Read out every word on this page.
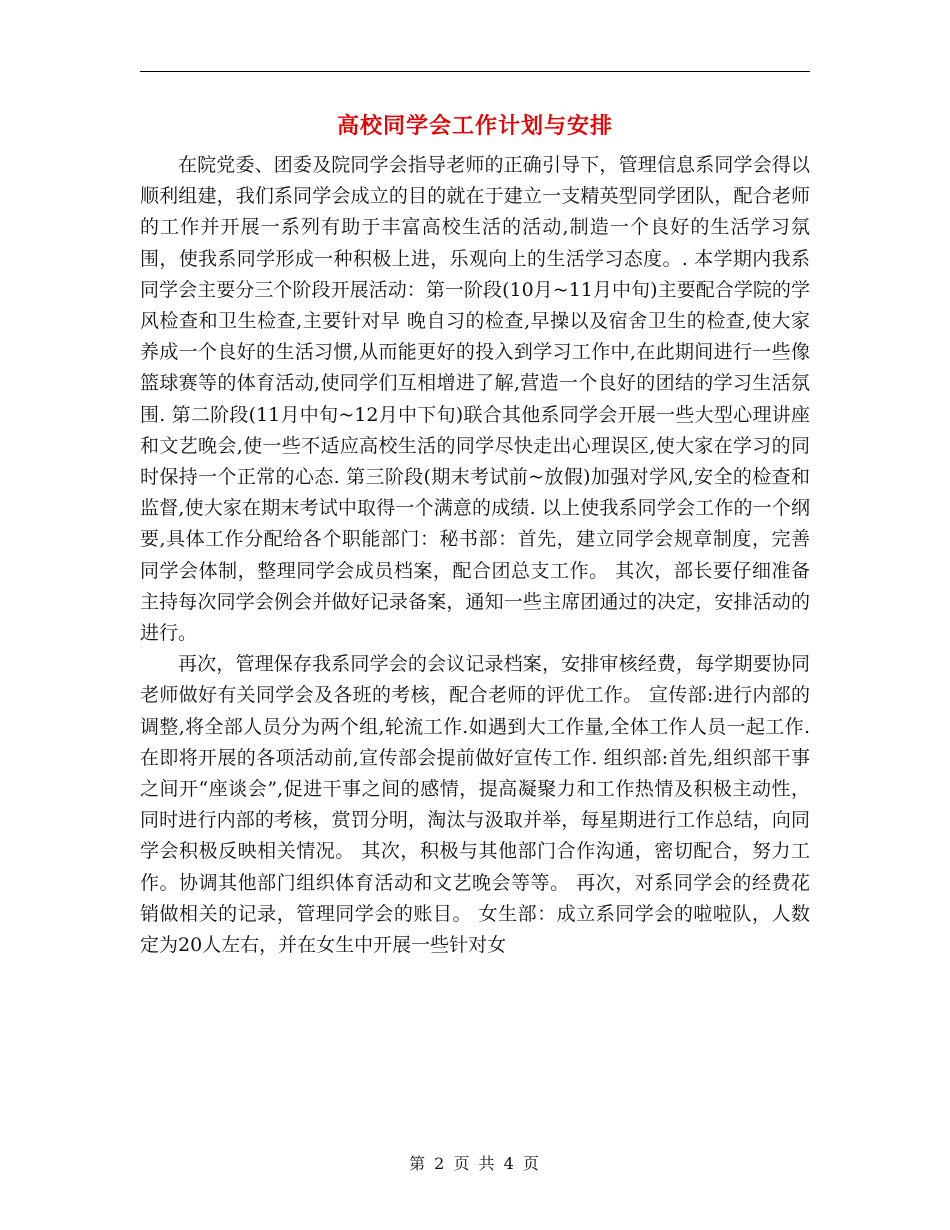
高校同学会工作计划与安排

在院党委、团委及院同学会指导老师的正确引导下，管理信息系同学会得以顺利组建，我们系同学会成立的目的就在于建立一支精英型同学团队，配合老师的工作并开展一系列有助于丰富高校生活的活动,制造一个良好的生活学习氛围，使我系同学形成一种积极上进，乐观向上的生活学习态度。. 本学期内我系同学会主要分三个阶段开展活动：第一阶段(10月~11月中旬)主要配合学院的学风检查和卫生检查,主要针对早 晚自习的检查,早操以及宿舍卫生的检查,使大家养成一个良好的生活习惯,从而能更好的投入到学习工作中,在此期间进行一些像篮球赛等的体育活动,使同学们互相增进了解,营造一个良好的团结的学习生活氛围. 第二阶段(11月中旬~12月中下旬)联合其他系同学会开展一些大型心理讲座和文艺晚会,使一些不适应高校生活的同学尽快走出心理误区,使大家在学习的同时保持一个正常的心态. 第三阶段(期末考试前~放假)加强对学风,安全的检查和监督,使大家在期末考试中取得一个满意的成绩. 以上使我系同学会工作的一个纲要,具体工作分配给各个职能部门：秘书部：首先，建立同学会规章制度，完善同学会体制，整理同学会成员档案，配合团总支工作。 其次，部长要仔细准备主持每次同学会例会并做好记录备案，通知一些主席团通过的决定，安排活动的进行。

再次，管理保存我系同学会的会议记录档案，安排审核经费，每学期要协同老师做好有关同学会及各班的考核，配合老师的评优工作。 宣传部:进行内部的调整,将全部人员分为两个组,轮流工作.如遇到大工作量,全体工作人员一起工作.在即将开展的各项活动前,宣传部会提前做好宣传工作. 组织部:首先,组织部干事之间开“座谈会”,促进干事之间的感情，提高凝聚力和工作热情及积极主动性，同时进行内部的考核，赏罚分明，淘汰与汲取并举，每星期进行工作总结，向同学会积极反映相关情况。 其次，积极与其他部门合作沟通，密切配合，努力工作。协调其他部门组织体育活动和文艺晚会等等。 再次，对系同学会的经费花销做相关的记录，管理同学会的账目。 女生部：成立系同学会的啦啦队，人数定为20人左右，并在女生中开展一些针对女

第 2 页 共 4 页
